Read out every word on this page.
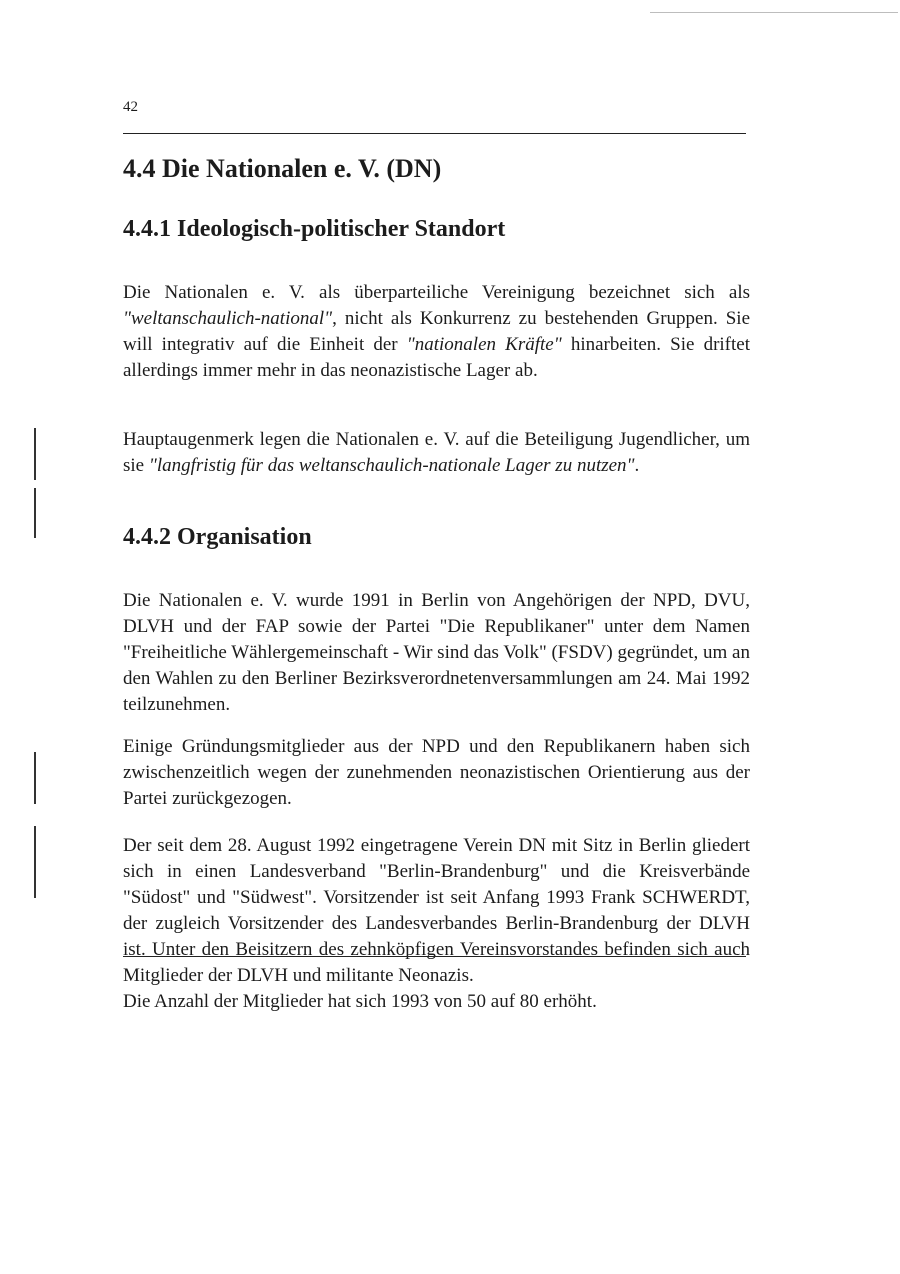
42
4.4 Die Nationalen e. V. (DN)
4.4.1 Ideologisch-politischer Standort

Die Nationalen e. V. als überparteiliche Vereinigung bezeichnet sich als "weltanschaulich-national", nicht als Konkurrenz zu bestehenden Gruppen. Sie will integrativ auf die Einheit der "nationalen Kräfte" hinarbeiten. Sie driftet allerdings immer mehr in das neonazistische Lager ab.

Hauptaugenmerk legen die Nationalen e. V. auf die Beteiligung Jugendlicher, um sie "langfristig für das weltanschaulich-nationale Lager zu nutzen".

4.4.2 Organisation

Die Nationalen e. V. wurde 1991 in Berlin von Angehörigen der NPD, DVU, DLVH und der FAP sowie der Partei "Die Republikaner" unter dem Namen "Freiheitliche Wählergemeinschaft - Wir sind das Volk" (FSDV) gegründet, um an den Wahlen zu den Berliner Bezirksverordnetenversammlungen am 24. Mai 1992 teilzunehmen.

Einige Gründungsmitglieder aus der NPD und den Republikanern haben sich zwischenzeitlich wegen der zunehmenden neonazistischen Orientierung aus der Partei zurückgezogen.

Der seit dem 28. August 1992 eingetragene Verein DN mit Sitz in Berlin gliedert sich in einen Landesverband "Berlin-Brandenburg" und die Kreisverbände "Südost" und "Südwest". Vorsitzender ist seit Anfang 1993 Frank SCHWERDT, der zugleich Vorsitzender des Landesverbandes Berlin-Brandenburg der DLVH ist. Unter den Beisitzern des zehnköpfigen Vereinsvorstandes befinden sich auch Mitglieder der DLVH und militante Neonazis.
Die Anzahl der Mitglieder hat sich 1993 von 50 auf 80 erhöht.
